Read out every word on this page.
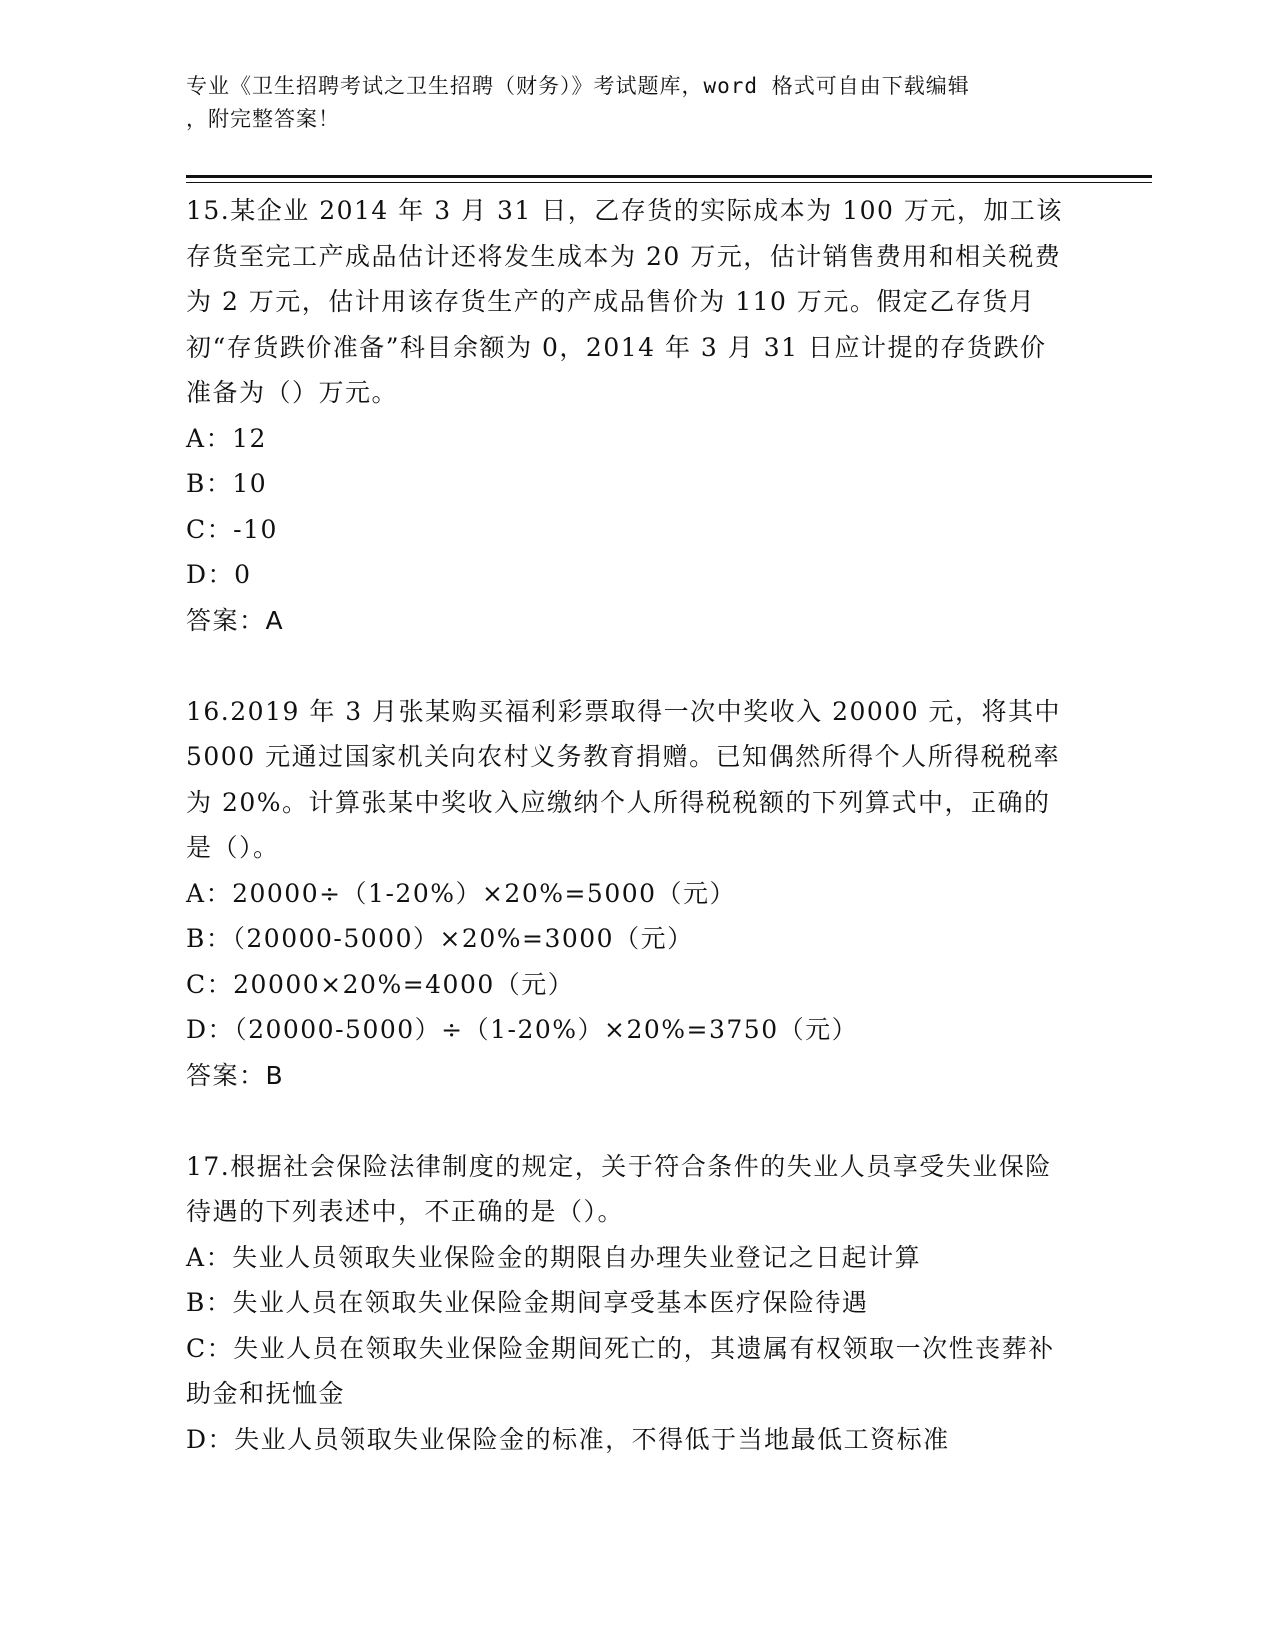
专业《卫生招聘考试之卫生招聘（财务）》考试题库，word 格式可自由下载编辑
，附完整答案！

15.某企业 2014 年 3 月 31 日，乙存货的实际成本为 100 万元，加工该存货至完工产成品估计还将发生成本为 20 万元，估计销售费用和相关税费为 2 万元，估计用该存货生产的产成品售价为 110 万元。假定乙存货月初“存货跌价准备”科目余额为 0，2014 年 3 月 31 日应计提的存货跌价准备为（）万元。

A：12
B：10
C：-10
D：0

答案：A

16.2019 年 3 月张某购买福利彩票取得一次中奖收入 20000 元，将其中 5000 元通过国家机关向农村义务教育捐赠。已知偶然所得个人所得税税率为 20%。计算张某中奖收入应缴纳个人所得税税额的下列算式中，正确的是（）。

A：20000÷（1-20%）×20%=5000（元）
B：（20000-5000）×20%=3000（元）
C：20000×20%=4000（元）
D：（20000-5000）÷（1-20%）×20%=3750（元）

答案：B

17.根据社会保险法律制度的规定，关于符合条件的失业人员享受失业保险待遇的下列表述中，不正确的是（）。

A：失业人员领取失业保险金的期限自办理失业登记之日起计算
B：失业人员在领取失业保险金期间享受基本医疗保险待遇
C：失业人员在领取失业保险金期间死亡的，其遗属有权领取一次性丧葬补助金和抚恤金
D：失业人员领取失业保险金的标准，不得低于当地最低工资标准
